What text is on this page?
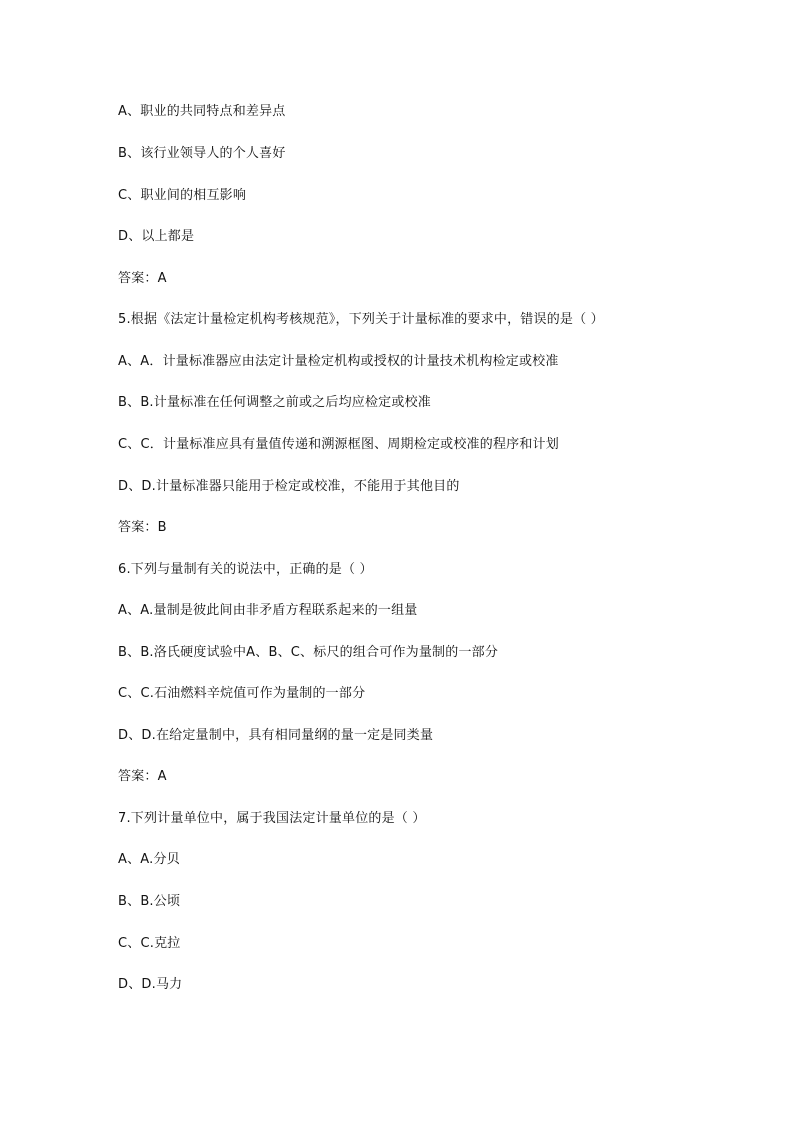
A、职业的共同特点和差异点
B、该行业领导人的个人喜好
C、职业间的相互影响
D、以上都是
答案：A
5.根据《法定计量检定机构考核规范》，下列关于计量标准的要求中，错误的是（ ）
A、A．计量标准器应由法定计量检定机构或授权的计量技术机构检定或校准
B、B.计量标准在任何调整之前或之后均应检定或校准
C、C．计量标准应具有量值传递和溯源框图、周期检定或校准的程序和计划
D、D.计量标准器只能用于检定或校准，不能用于其他目的
答案：B
6.下列与量制有关的说法中，正确的是（ ）
A、A.量制是彼此间由非矛盾方程联系起来的一组量
B、B.洛氏硬度试验中A、B、C、标尺的组合可作为量制的一部分
C、C.石油燃料辛烷值可作为量制的一部分
D、D.在给定量制中，具有相同量纲的量一定是同类量
答案：A
7.下列计量单位中，属于我国法定计量单位的是（ ）
A、A.分贝
B、B.公顷
C、C.克拉
D、D.马力
